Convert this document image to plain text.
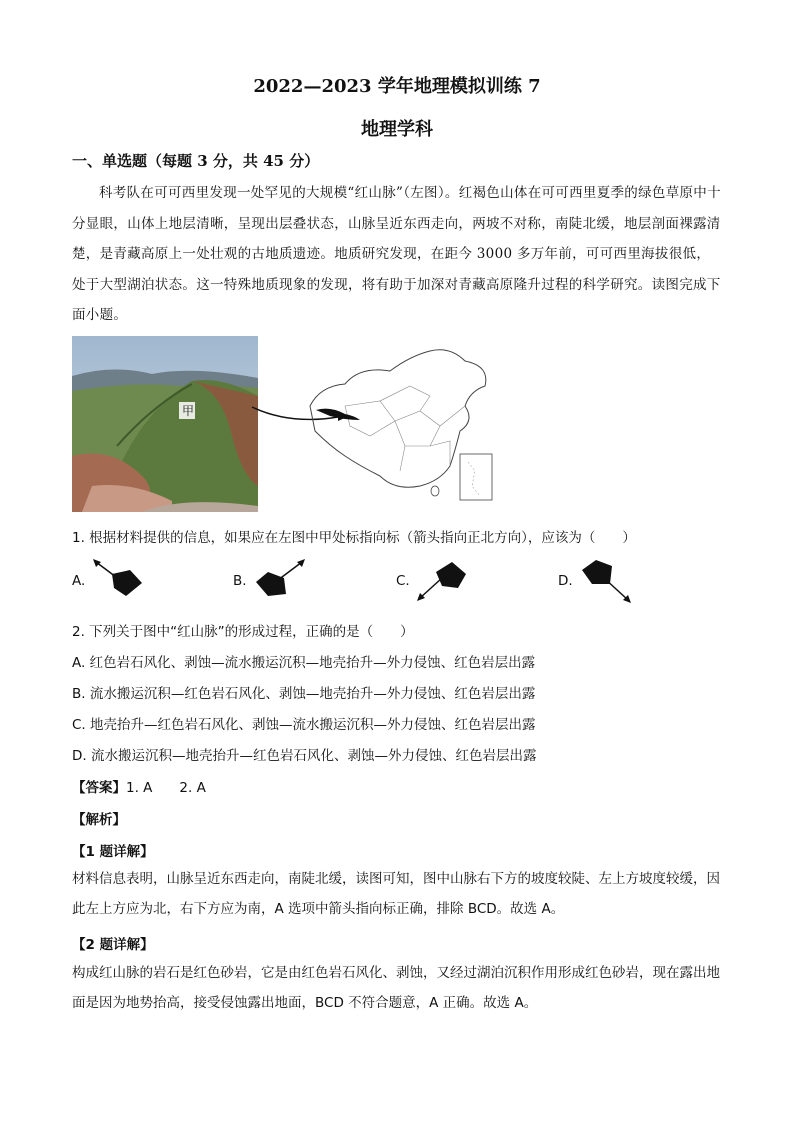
2022—2023 学年地理模拟训练 7
地理学科
一、单选题（每题 3 分，共 45 分）
科考队在可可西里发现一处罕见的大规模“红山脉”（左图）。红褐色山体在可可西里夏季的绿色草原中十分显眼，山体上地层清晰，呈现出层叠状态，山脉呈近东西走向，两坡不对称，南陡北缓，地层剖面裸露清楚，是青藏高原上一处壮观的古地质遗迹。地质研究发现，在距今 3000 多万年前，可可西里海拔很低，处于大型湖泊状态。这一特殊地质现象的发现，将有助于加深对青藏高原隆升过程的科学研究。读图完成下面小题。
甲
1. 根据材料提供的信息，如果应在左图中甲处标指向标（箭头指向正北方向），应该为（　　）
A.	B.	C.	D.
2. 下列关于图中“红山脉”的形成过程，正确的是（　　）
A. 红色岩石风化、剥蚀—流水搬运沉积—地壳抬升—外力侵蚀、红色岩层出露
B. 流水搬运沉积—红色岩石风化、剥蚀—地壳抬升—外力侵蚀、红色岩层出露
C. 地壳抬升—红色岩石风化、剥蚀—流水搬运沉积—外力侵蚀、红色岩层出露
D. 流水搬运沉积—地壳抬升—红色岩石风化、剥蚀—外力侵蚀、红色岩层出露
【答案】1. A　　2. A
【解析】
【1 题详解】
材料信息表明，山脉呈近东西走向，南陡北缓，读图可知，图中山脉右下方的坡度较陡、左上方坡度较缓，因此左上方应为北，右下方应为南，A 选项中箭头指向标正确，排除 BCD。故选 A。
【2 题详解】
构成红山脉的岩石是红色砂岩，它是由红色岩石风化、剥蚀，又经过湖泊沉积作用形成红色砂岩，现在露出地面是因为地势抬高，接受侵蚀露出地面，BCD 不符合题意，A 正确。故选 A。
